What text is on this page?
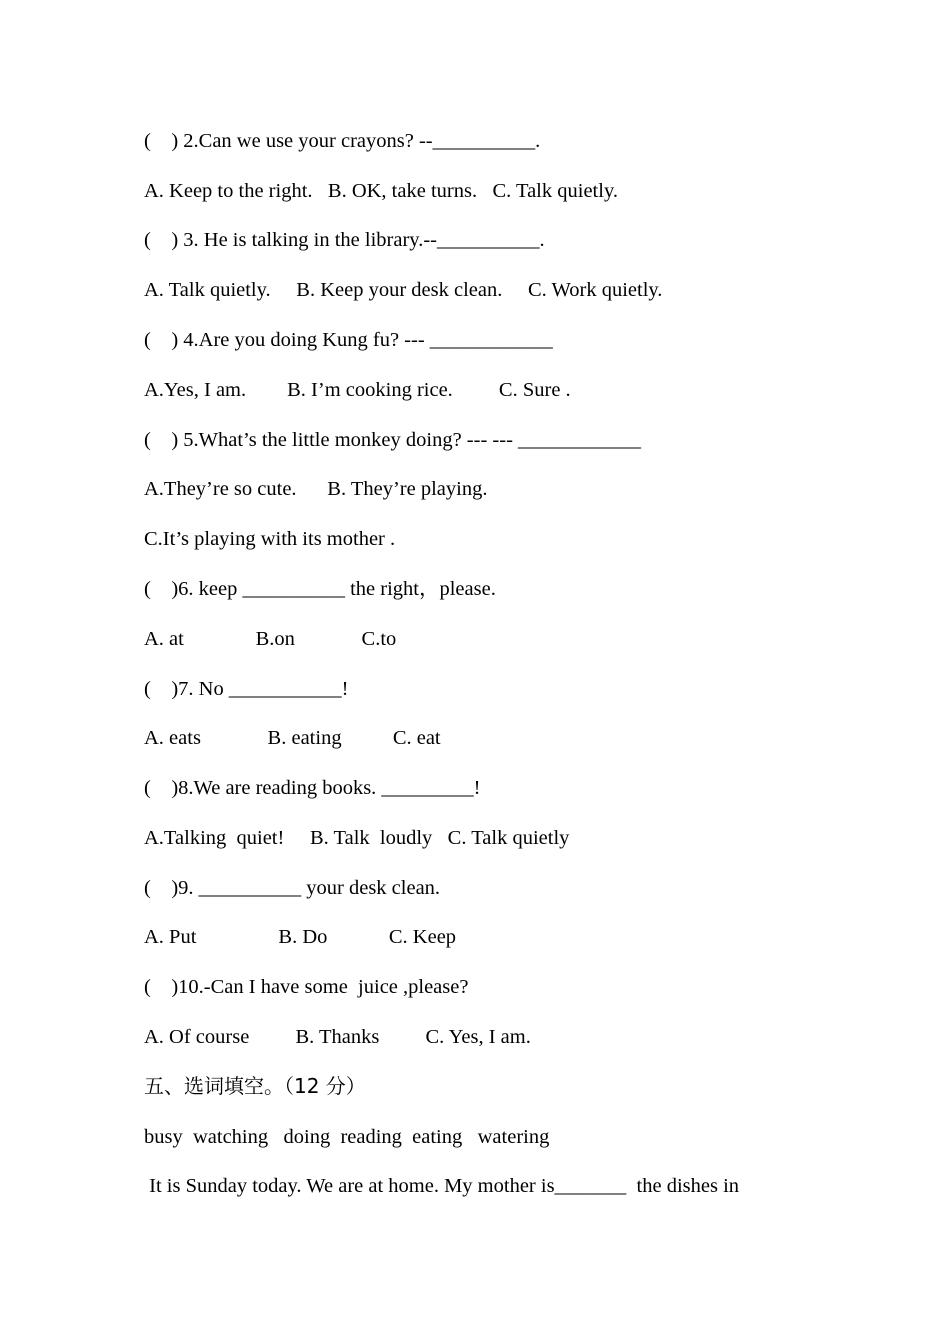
(    ) 2.Can we use your crayons? --__________.

A. Keep to the right.   B. OK, take turns.   C. Talk quietly.

(    ) 3. He is talking in the library.--__________.

A. Talk quietly.     B. Keep your desk clean.     C. Work quietly.

(    ) 4.Are you doing Kung fu? --- ____________

A.Yes, I am.        B. I’m cooking rice.         C. Sure .

(    ) 5.What’s the little monkey doing? --- --- ____________

A.They’re so cute.      B. They’re playing.

C.It’s playing with its mother .

(    )6. keep __________ the right，please.

A. at              B.on             C.to

(    )7. No ___________!

A. eats             B. eating          C. eat

(    )8.We are reading books. _________!

A.Talking  quiet!     B. Talk  loudly   C. Talk quietly

(    )9. __________ your desk clean.

A. Put                B. Do            C. Keep

(    )10.-Can I have some  juice ,please?

A. Of course         B. Thanks         C. Yes, I am.

五、选词填空。（12 分）

busy  watching   doing  reading  eating   watering

It is Sunday today. We are at home. My mother is_______  the dishes in
